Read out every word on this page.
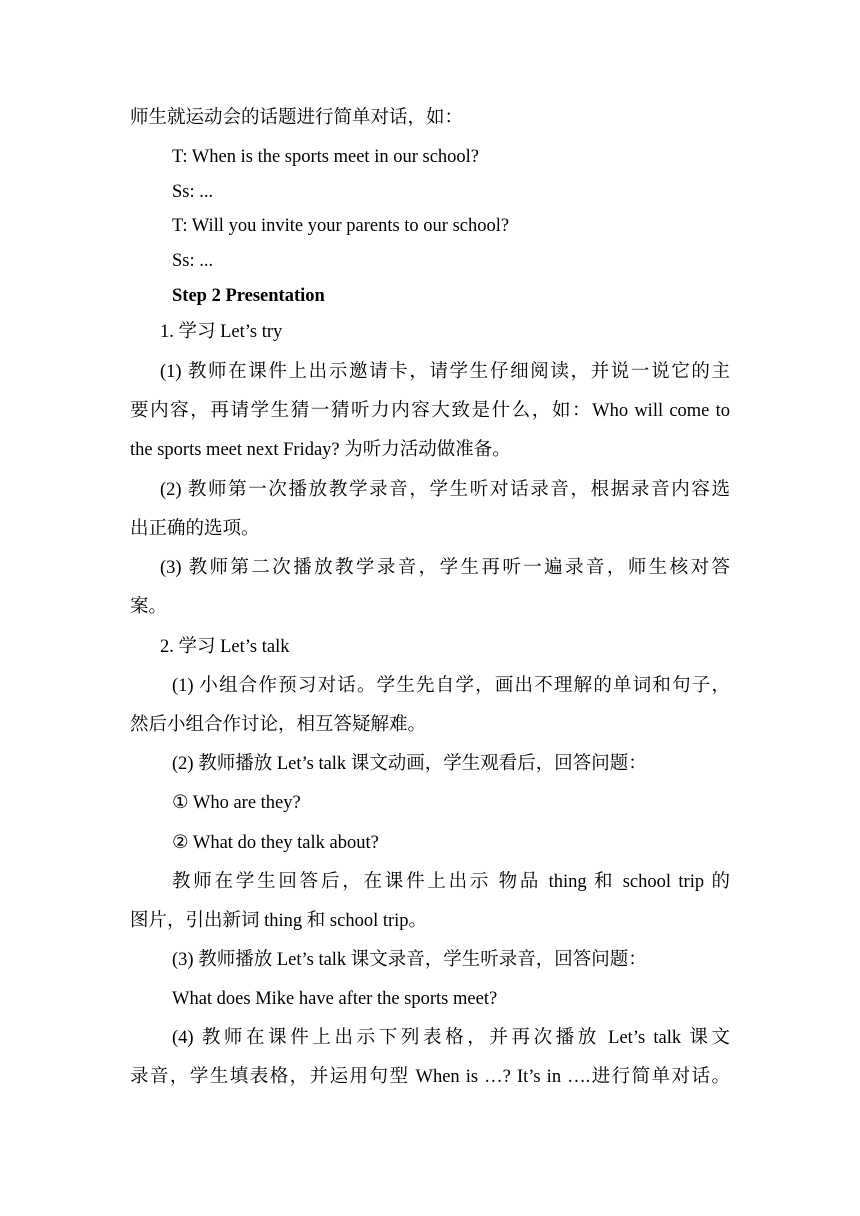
师生就运动会的话题进行简单对话，如：
T: When is the sports meet in our school?
Ss: ...
T: Will you invite your parents to our school?
Ss: ...
Step 2 Presentation
1. 学习 Let’s try
(1) 教师在课件上出示邀请卡，请学生仔细阅读，并说一说它的主
要内容，再请学生猜一猜听力内容大致是什么，如：Who will come to
the sports meet next Friday? 为听力活动做准备。
(2) 教师第一次播放教学录音，学生听对话录音，根据录音内容选
出正确的选项。
(3) 教师第二次播放教学录音，学生再听一遍录音，师生核对答
案。
2. 学习 Let’s talk
(1) 小组合作预习对话。学生先自学，画出不理解的单词和句子，
然后小组合作讨论，相互答疑解难。
(2) 教师播放 Let’s talk 课文动画，学生观看后，回答问题：
① Who are they?
② What do they talk about?
教师在学生回答后，在课件上出示 物品 thing 和 school trip 的
图片，引出新词 thing 和 school trip。
(3) 教师播放 Let’s talk 课文录音，学生听录音，回答问题：
What does Mike have after the sports meet?
(4) 教师在课件上出示下列表格，并再次播放 Let’s talk 课文
录音，学生填表格，并运用句型 When is …? It’s in ….进行简单对话。
